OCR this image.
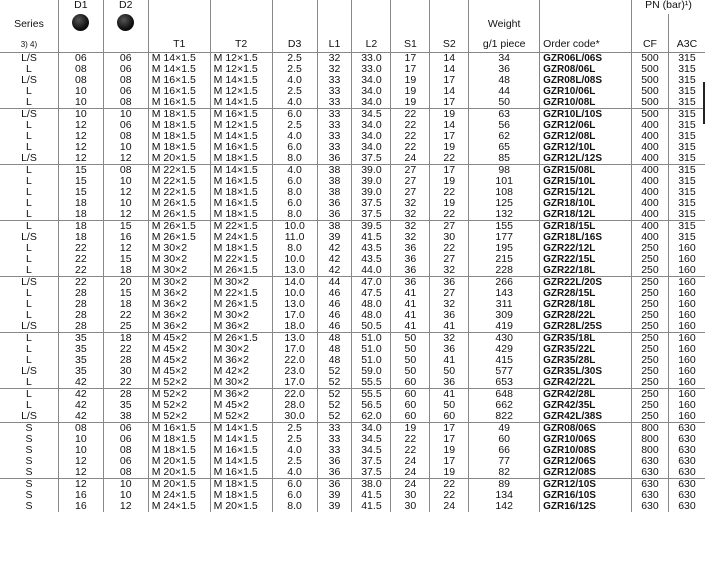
	D1	D2										PN (bar)¹)	
Series										Weight			
3) 4)			T1	T2	D3	L1	L2	S1	S2	g/1 piece	Order code*	CF	A3C
L/S	06	06	M 14×1.5	M 12×1.5	2.5	32	33.0	17	14	34	GZR06L/06S	500	315
L	08	06	M 14×1.5	M 12×1.5	2.5	32	33.0	17	14	36	GZR08/06L	500	315
L/S	08	08	M 16×1.5	M 14×1.5	4.0	33	34.0	19	17	48	GZR08L/08S	500	315
L	10	06	M 16×1.5	M 12×1.5	2.5	33	34.0	19	14	44	GZR10/06L	500	315
L	10	08	M 16×1.5	M 14×1.5	4.0	33	34.0	19	17	50	GZR10/08L	500	315
L/S	10	10	M 18×1.5	M 16×1.5	6.0	33	34.5	22	19	63	GZR10L/10S	500	315
L	12	06	M 18×1.5	M 12×1.5	2.5	33	34.0	22	14	56	GZR12/06L	400	315
L	12	08	M 18×1.5	M 14×1.5	4.0	33	34.0	22	17	62	GZR12/08L	400	315
L	12	10	M 18×1.5	M 16×1.5	6.0	33	34.0	22	19	65	GZR12/10L	400	315
L/S	12	12	M 20×1.5	M 18×1.5	8.0	36	37.5	24	22	85	GZR12L/12S	400	315
L	15	08	M 22×1.5	M 14×1.5	4.0	38	39.0	27	17	98	GZR15/08L	400	315
L	15	10	M 22×1.5	M 16×1.5	6.0	38	39.0	27	19	101	GZR15/10L	400	315
L	15	12	M 22×1.5	M 18×1.5	8.0	38	39.0	27	22	108	GZR15/12L	400	315
L	18	10	M 26×1.5	M 16×1.5	6.0	36	37.5	32	19	125	GZR18/10L	400	315
L	18	12	M 26×1.5	M 18×1.5	8.0	36	37.5	32	22	132	GZR18/12L	400	315
L	18	15	M 26×1.5	M 22×1.5	10.0	38	39.5	32	27	155	GZR18/15L	400	315
L/S	18	16	M 26×1.5	M 24×1.5	11.0	39	41.5	32	30	177	GZR18L/16S	400	315
L	22	12	M 30×2	M 18×1.5	8.0	42	43.5	36	22	195	GZR22/12L	250	160
L	22	15	M 30×2	M 22×1.5	10.0	42	43.5	36	27	215	GZR22/15L	250	160
L	22	18	M 30×2	M 26×1.5	13.0	42	44.0	36	32	228	GZR22/18L	250	160
L/S	22	20	M 30×2	M 30×2	14.0	44	47.0	36	36	266	GZR22L/20S	250	160
L	28	15	M 36×2	M 22×1.5	10.0	46	47.5	41	27	143	GZR28/15L	250	160
L	28	18	M 36×2	M 26×1.5	13.0	46	48.0	41	32	311	GZR28/18L	250	160
L	28	22	M 36×2	M 30×2	17.0	46	48.0	41	36	309	GZR28/22L	250	160
L/S	28	25	M 36×2	M 36×2	18.0	46	50.5	41	41	419	GZR28L/25S	250	160
L	35	18	M 45×2	M 26×1.5	13.0	48	51.0	50	32	430	GZR35/18L	250	160
L	35	22	M 45×2	M 30×2	17.0	48	51.0	50	36	429	GZR35/22L	250	160
L	35	28	M 45×2	M 36×2	22.0	48	51.0	50	41	415	GZR35/28L	250	160
L/S	35	30	M 45×2	M 42×2	23.0	52	59.0	50	50	577	GZR35L/30S	250	160
L	42	22	M 52×2	M 30×2	17.0	52	55.5	60	36	653	GZR42/22L	250	160
L	42	28	M 52×2	M 36×2	22.0	52	55.5	60	41	648	GZR42/28L	250	160
L	42	35	M 52×2	M 45×2	28.0	52	56.5	60	50	662	GZR42/35L	250	160
L/S	42	38	M 52×2	M 52×2	30.0	52	62.0	60	60	822	GZR42L/38S	250	160
S	08	06	M 16×1.5	M 14×1.5	2.5	33	34.0	19	17	49	GZR08/06S	800	630
S	10	06	M 18×1.5	M 14×1.5	2.5	33	34.5	22	17	60	GZR10/06S	800	630
S	10	08	M 18×1.5	M 16×1.5	4.0	33	34.5	22	19	66	GZR10/08S	800	630
S	12	06	M 20×1.5	M 14×1.5	2.5	36	37.5	24	17	77	GZR12/06S	630	630
S	12	08	M 20×1.5	M 16×1.5	4.0	36	37.5	24	19	82	GZR12/08S	630	630
S	12	10	M 20×1.5	M 18×1.5	6.0	36	38.0	24	22	89	GZR12/10S	630	630
S	16	10	M 24×1.5	M 18×1.5	6.0	39	41.5	30	22	134	GZR16/10S	630	630
S	16	12	M 24×1.5	M 20×1.5	8.0	39	41.5	30	24	142	GZR16/12S	630	630
